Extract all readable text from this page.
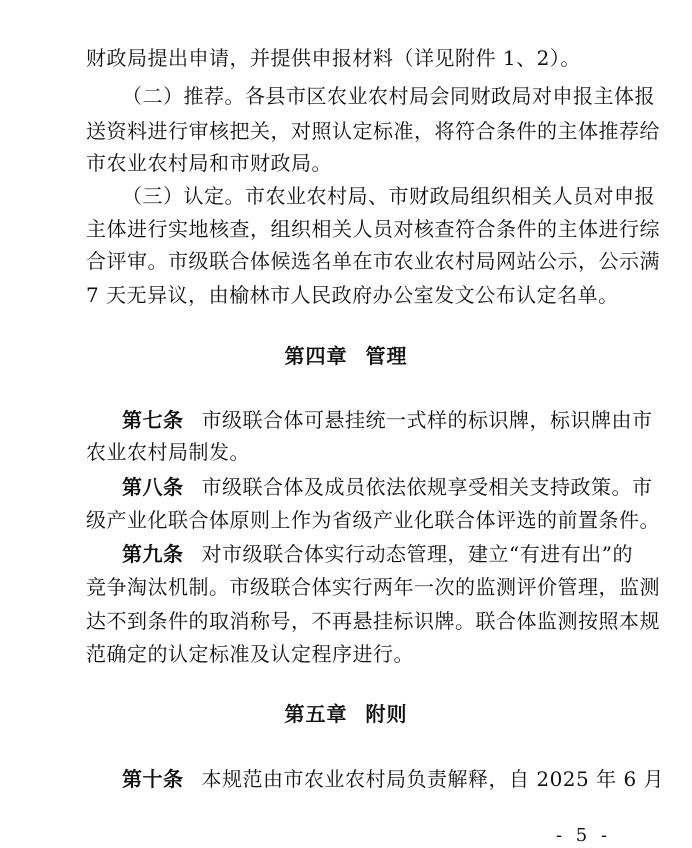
财政局提出申请，并提供申报材料（详见附件 1、2）。
（二）推荐。各县市区农业农村局会同财政局对申报主体报
送资料进行审核把关，对照认定标准，将符合条件的主体推荐给
市农业农村局和市财政局。
（三）认定。市农业农村局、市财政局组织相关人员对申报
主体进行实地核查，组织相关人员对核查符合条件的主体进行综
合评审。市级联合体候选名单在市农业农村局网站公示，公示满
7 天无异议，由榆林市人民政府办公室发文公布认定名单。
第四章 管理
第七条 市级联合体可悬挂统一式样的标识牌，标识牌由市
农业农村局制发。
第八条 市级联合体及成员依法依规享受相关支持政策。市
级产业化联合体原则上作为省级产业化联合体评选的前置条件。
第九条 对市级联合体实行动态管理，建立“有进有出”的
竞争淘汰机制。市级联合体实行两年一次的监测评价管理，监测
达不到条件的取消称号，不再悬挂标识牌。联合体监测按照本规
范确定的认定标准及认定程序进行。
第五章 附则
第十条 本规范由市农业农村局负责解释，自 2025 年 6 月
- 5 -
